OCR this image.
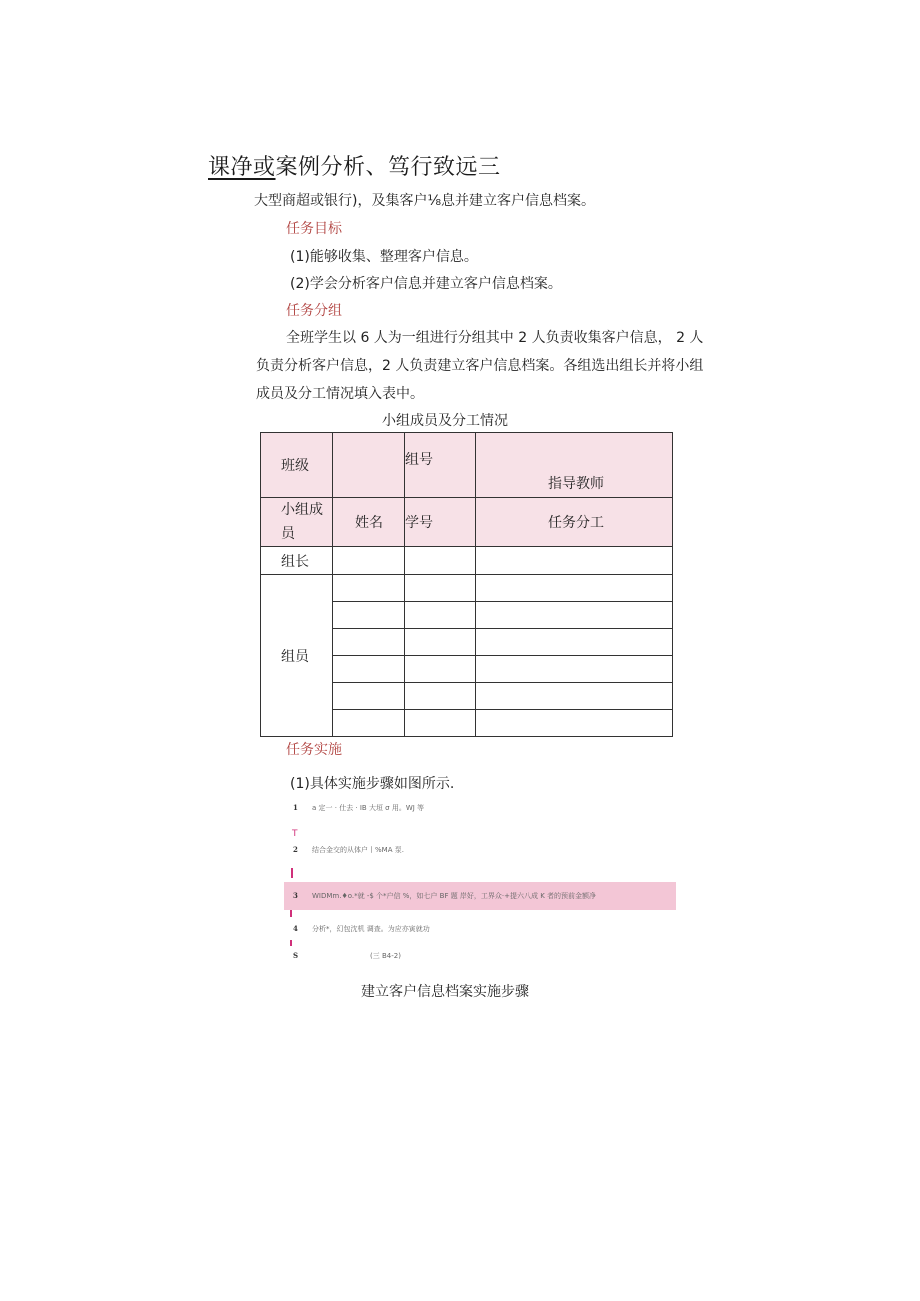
课净或案例分析、笃行致远三
大型商超或银行)，及集客户⅛息并建立客户信息档案。
任务目标
(1)能够收集、整理客户信息。
(2)学会分析客户信息并建立客户信息档案。
任务分组
全班学生以 6 人为一组进行分组其中 2 人负责收集客户信息， 2 人
负责分析客户信息，2 人负责建立客户信息档案。各组选出组长并将小组
成员及分工情况填入表中。
小组成员及分工情况
班级		组号	指导教师
小组成
员	姓名	学号	任务分工
组长			
组员			

任务实施
(1)具体实施步骤如图所示.
1 a 定一 · 仕去 · IB 大垣 σ 用。WJ 等
T
2 结合金交的从体户丨%MA 泵.
3 WIDMm.♦o.*就 -$ 个*户信 %，如七户 BF 题 岸好，工界众·+提六八成 K 者的预前金额净
4 分析*，幻包沈机 调查。为应亦寅就功
S	(三 B4-2)
建立客户信息档案实施步骤
